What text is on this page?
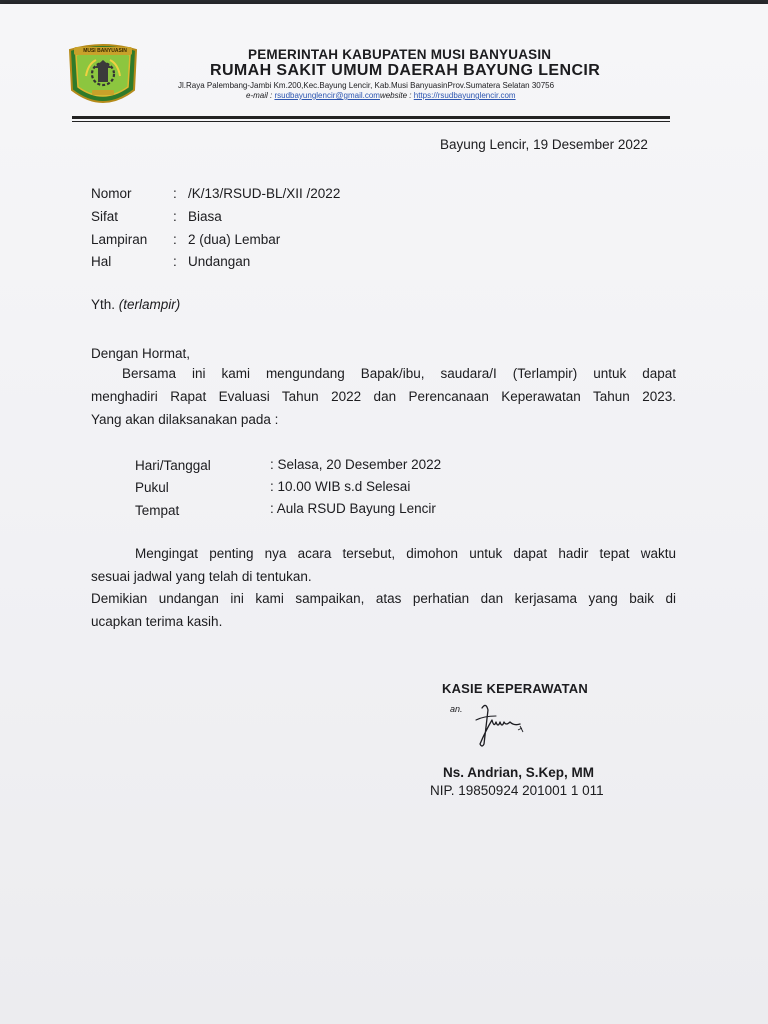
MUSI BANYUASIN	PEMERINTAH KABUPATEN MUSI BANYUASIN
RUMAH SAKIT UMUM DAERAH BAYUNG LENCIR
Jl.Raya Palembang-Jambi Km.200,Kec.Bayung Lencir, Kab.Musi BanyuasinProv.Sumatera Selatan 30756
e-mail : rsudbayunglencir@gmail.comwebsite : https://rsudbayunglencir.com
Bayung Lencir, 19 Desember 2022
Nomor	: /K/13/RSUD-BL/XII /2022
Sifat	: Biasa
Lampiran : 2 (dua) Lembar
Hal	: Undangan
Yth. (terlampir)
Dengan Hormat,
Bersama ini kami mengundang Bapak/ibu, saudara/I (Terlampir) untuk dapat
menghadiri Rapat Evaluasi Tahun 2022 dan Perencanaan Keperawatan Tahun 2023.
Yang akan dilaksanakan pada :
Hari/Tanggal	: Selasa, 20 Desember 2022
Pukul	: 10.00 WIB s.d Selesai
Tempat	: Aula RSUD Bayung Lencir
Mengingat penting nya acara tersebut, dimohon untuk dapat hadir tepat waktu
sesuai jadwal yang telah di tentukan.
Demikian undangan ini kami sampaikan, atas perhatian dan kerjasama yang baik di
ucapkan terima kasih.
KASIE KEPERAWATAN
an.
Ns. Andrian, S.Kep, MM
NIP. 19850924 201001 1 011
